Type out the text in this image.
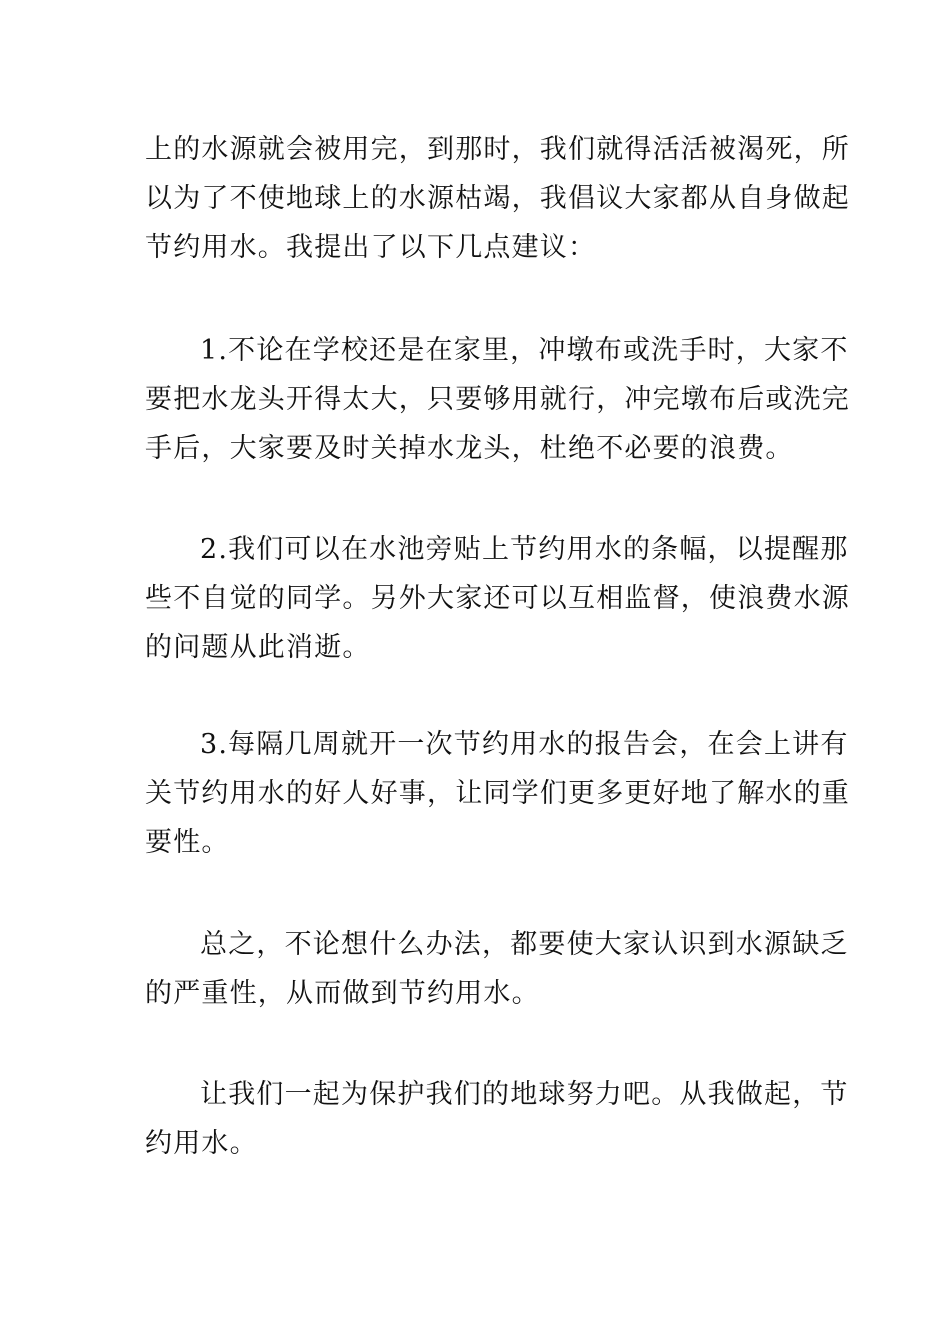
上的水源就会被用完，到那时，我们就得活活被渴死，所
以为了不使地球上的水源枯竭，我倡议大家都从自身做起
节约用水。我提出了以下几点建议：

1.不论在学校还是在家里，冲墩布或洗手时，大家不
要把水龙头开得太大，只要够用就行，冲完墩布后或洗完
手后，大家要及时关掉水龙头，杜绝不必要的浪费。

2.我们可以在水池旁贴上节约用水的条幅，以提醒那
些不自觉的同学。另外大家还可以互相监督，使浪费水源
的问题从此消逝。

3.每隔几周就开一次节约用水的报告会，在会上讲有
关节约用水的好人好事，让同学们更多更好地了解水的重
要性。

总之，不论想什么办法，都要使大家认识到水源缺乏
的严重性，从而做到节约用水。

让我们一起为保护我们的地球努力吧。从我做起，节
约用水。
